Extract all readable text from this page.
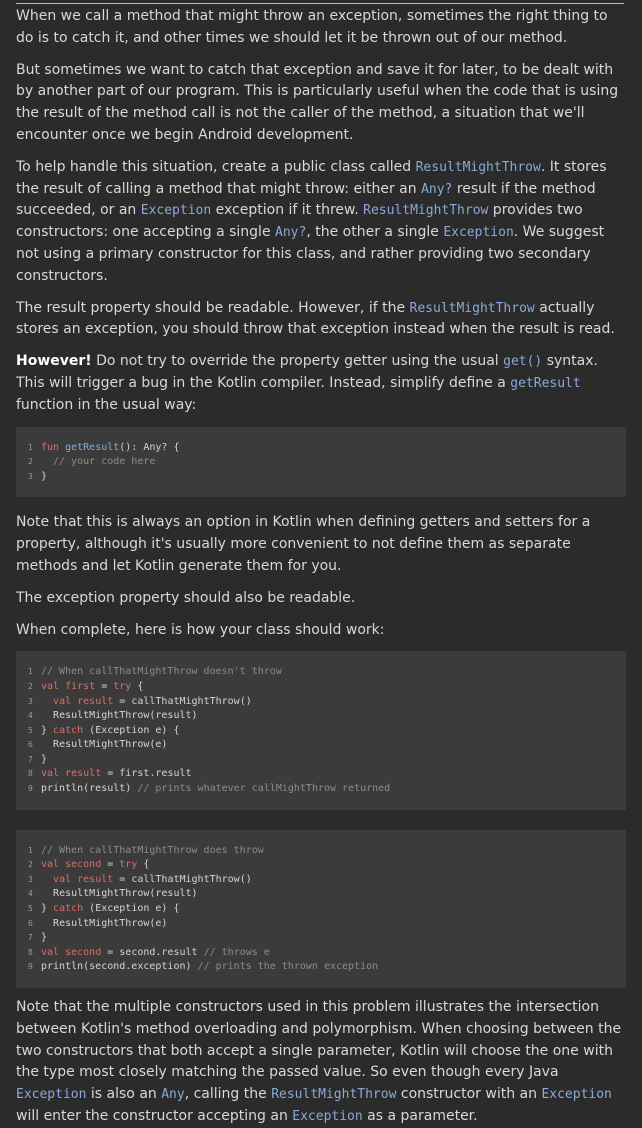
When we call a method that might throw an exception, sometimes the right thing to do is to catch it, and other times we should let it be thrown out of our method.

But sometimes we want to catch that exception and save it for later, to be dealt with by another part of our program. This is particularly useful when the code that is using the result of the method call is not the caller of the method, a situation that we'll encounter once we begin Android development.

To help handle this situation, create a public class called ResultMightThrow. It stores the result of calling a method that might throw: either an Any? result if the method succeeded, or an Exception exception if it threw. ResultMightThrow provides two constructors: one accepting a single Any?, the other a single Exception. We suggest not using a primary constructor for this class, and rather providing two secondary constructors.

The result property should be readable. However, if the ResultMightThrow actually stores an exception, you should throw that exception instead when the result is read.

However! Do not try to override the property getter using the usual get() syntax. This will trigger a bug in the Kotlin compiler. Instead, simplify define a getResult function in the usual way:

1 fun getResult(): Any? {
2 // your code here
3 }

Note that this is always an option in Kotlin when defining getters and setters for a property, although it's usually more convenient to not define them as separate methods and let Kotlin generate them for you.

The exception property should also be readable.

When complete, here is how your class should work:

1 // When callThatMightThrow doesn't throw
2 val first = try {
3 val result = callThatMightThrow()
4 ResultMightThrow(result)
5 } catch (Exception e) {
6 ResultMightThrow(e)
7 }
8 val result = first.result
9 println(result) // prints whatever callMightThrow returned
1 // When callThatMightThrow does throw
2 val second = try {
3 val result = callThatMightThrow()
4 ResultMightThrow(result)
5 } catch (Exception e) {
6 ResultMightThrow(e)
7 }
8 val second = second.result // throws e
9 println(second.exception) // prints the thrown exception

Note that the multiple constructors used in this problem illustrates the intersection between Kotlin's method overloading and polymorphism. When choosing between the two constructors that both accept a single parameter, Kotlin will choose the one with the type most closely matching the passed value. So even though every Java Exception is also an Any, calling the ResultMightThrow constructor with an Exception will enter the constructor accepting an Exception as a parameter.
